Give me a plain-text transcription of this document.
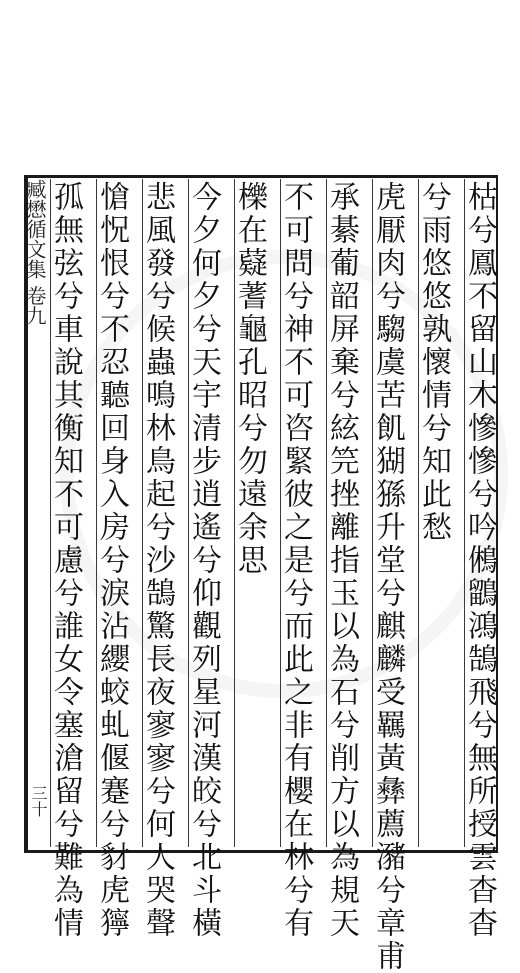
臧懋循文集 卷九	枯兮鳳不留山木慘慘兮吟鵂鶹鴻鵠飛兮無所授雲杳杳
兮雨悠悠孰懷情兮知此愁
虎厭肉兮騶虞苦飢猢猻升堂兮麒麟受羈黃彝薦瀦兮章甫
承綦葡韶屏棄兮絃笎挫離指玉以為石兮削方以為規天
不可問兮神不可咨緊彼之是兮而此之非有櫻在林兮有
櫟在薿蓍龜孔昭兮勿遠余思
今夕何夕兮天宇清步逍遙兮仰觀列星河漢皎兮北斗橫
悲風發兮候蟲鳴林鳥起兮沙鵠驚長夜寥寥兮何人哭聲
愴怳恨兮不忍聽回身入房兮淚沾纓蛟虬偃蹇兮豺虎獰
孤無弦兮車說其衡知不可慮兮誰女令塞滄留兮難為情
三十
